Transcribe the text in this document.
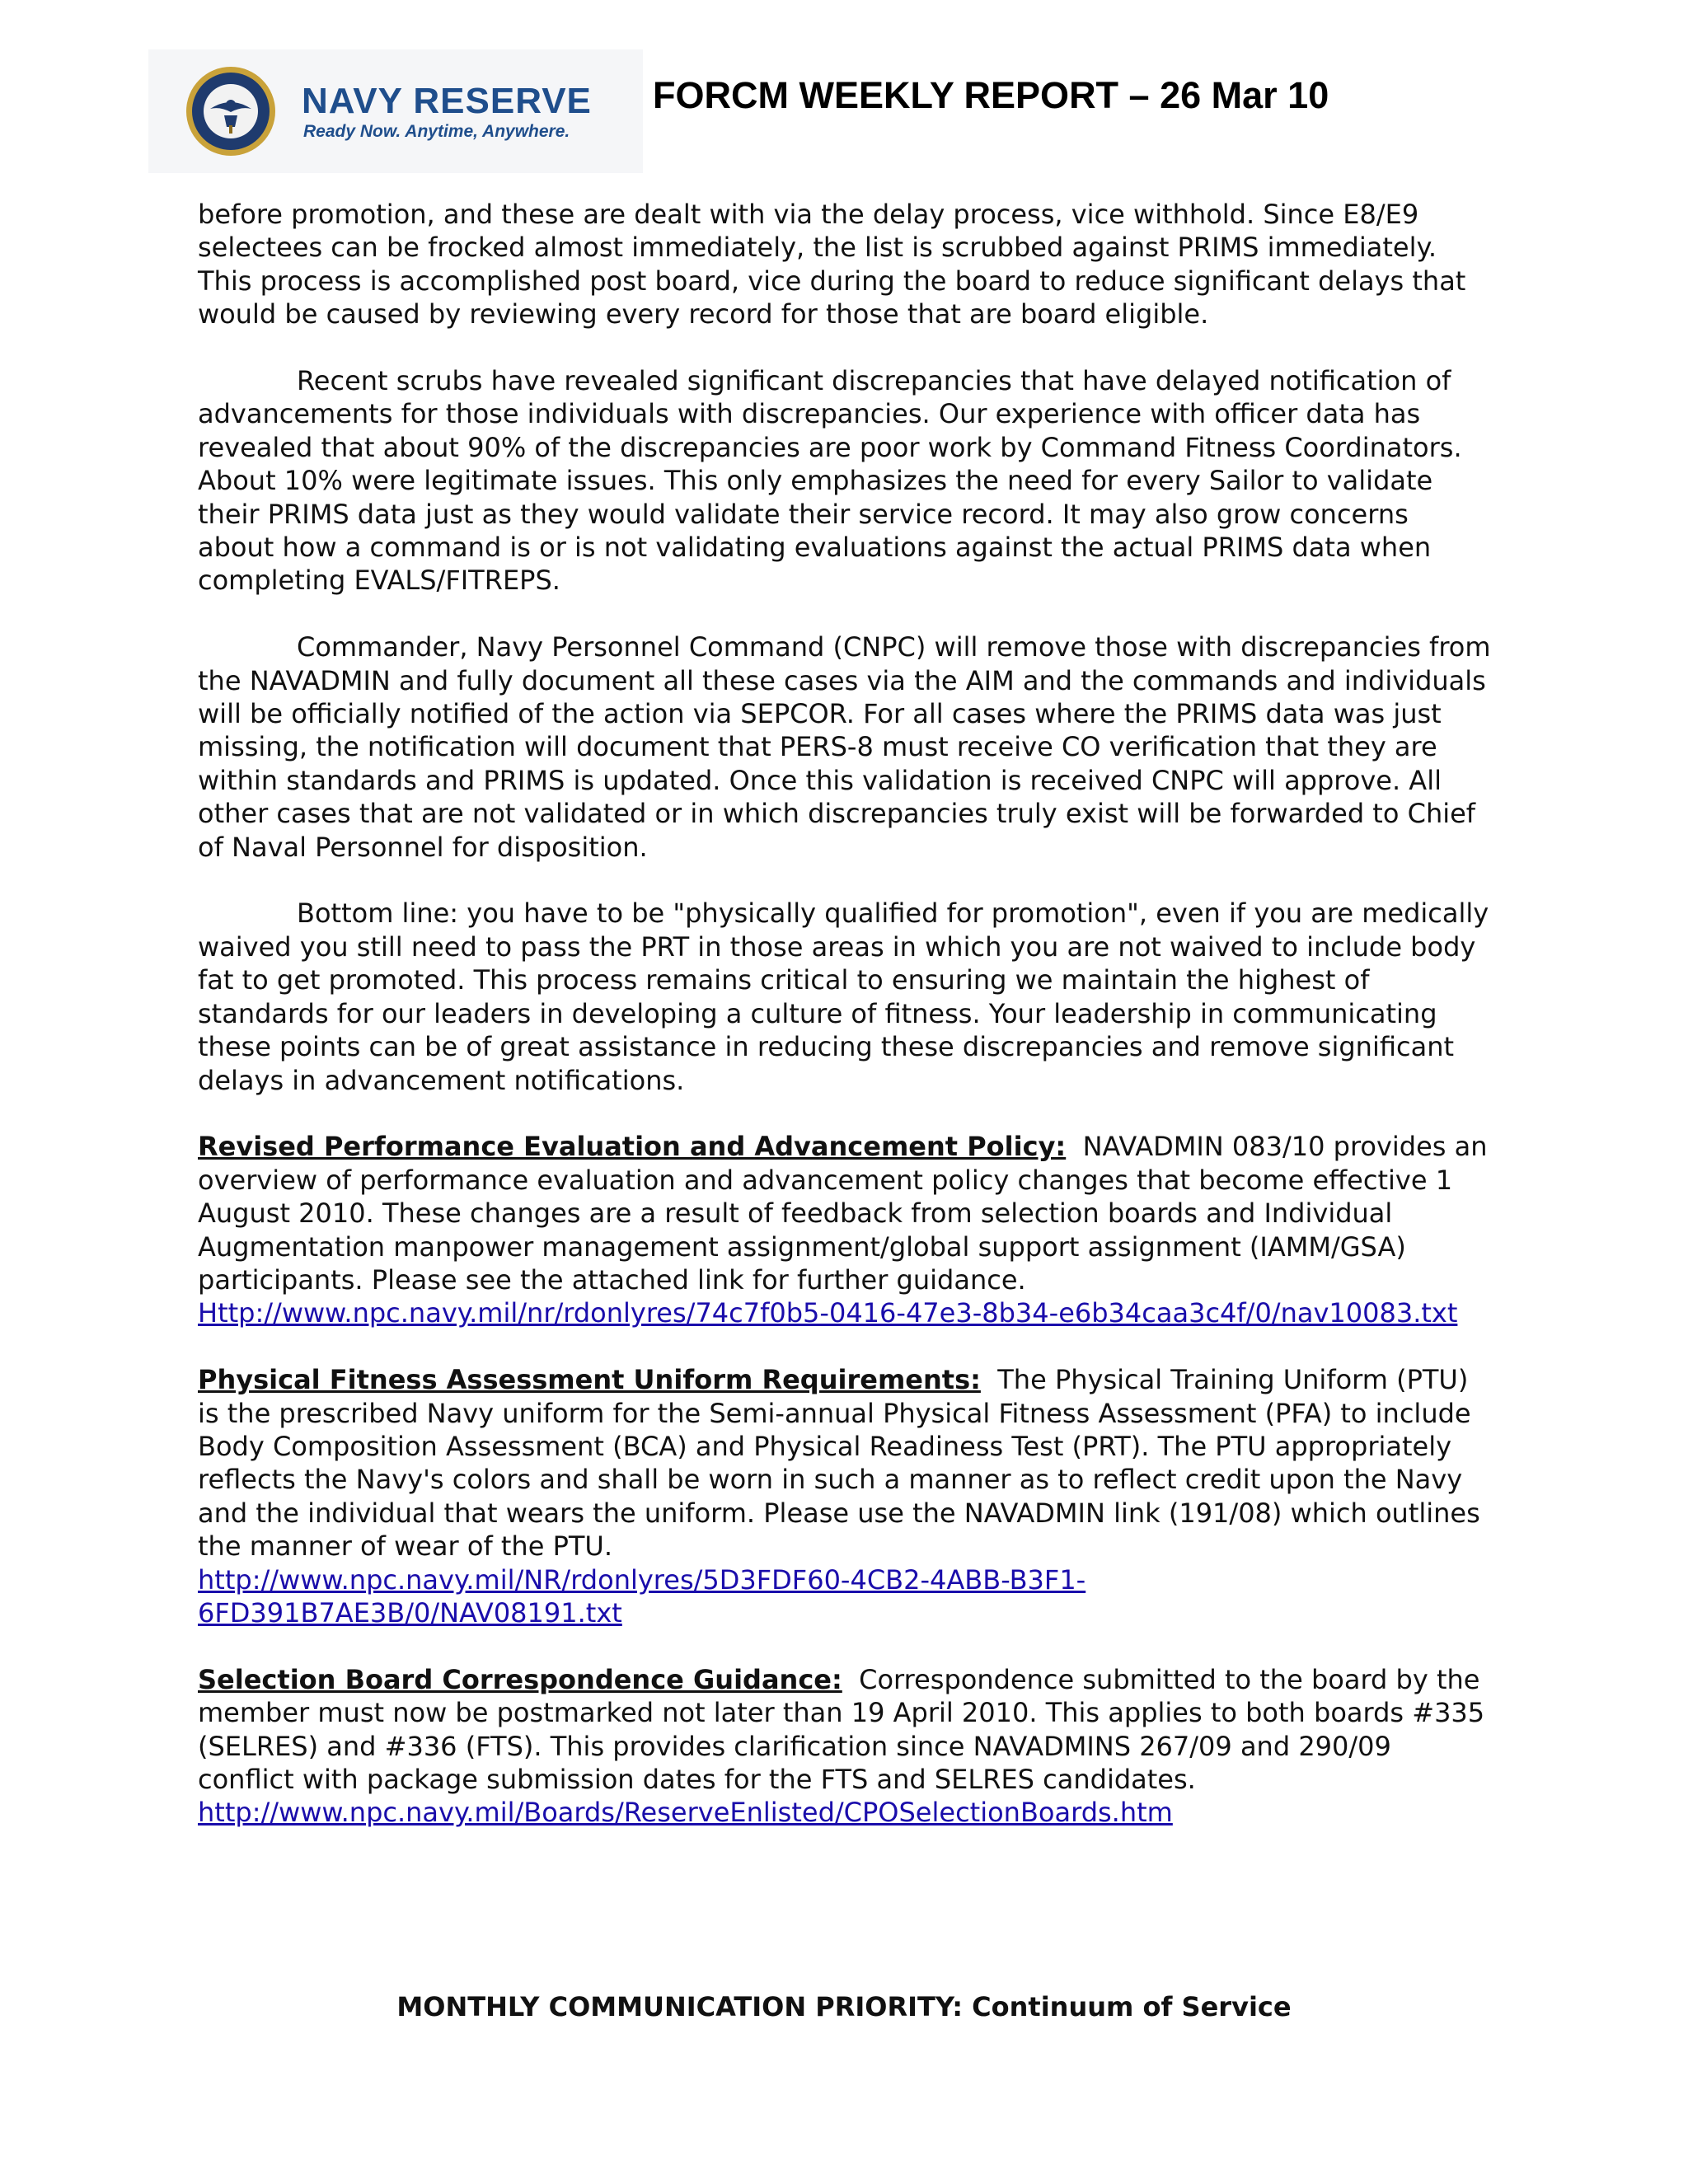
NAVY RESERVE
Ready Now. Anytime, Anywhere.
FORCM WEEKLY REPORT – 26 Mar 10

before promotion, and these are dealt with via the delay process, vice withhold. Since E8/E9 selectees can be frocked almost immediately, the list is scrubbed against PRIMS immediately. This process is accomplished post board, vice during the board to reduce significant delays that would be caused by reviewing every record for those that are board eligible.

Recent scrubs have revealed significant discrepancies that have delayed notification of advancements for those individuals with discrepancies. Our experience with officer data has revealed that about 90% of the discrepancies are poor work by Command Fitness Coordinators. About 10% were legitimate issues. This only emphasizes the need for every Sailor to validate their PRIMS data just as they would validate their service record. It may also grow concerns about how a command is or is not validating evaluations against the actual PRIMS data when completing EVALS/FITREPS.

Commander, Navy Personnel Command (CNPC) will remove those with discrepancies from the NAVADMIN and fully document all these cases via the AIM and the commands and individuals will be officially notified of the action via SEPCOR. For all cases where the PRIMS data was just missing, the notification will document that PERS-8 must receive CO verification that they are within standards and PRIMS is updated. Once this validation is received CNPC will approve. All other cases that are not validated or in which discrepancies truly exist will be forwarded to Chief of Naval Personnel for disposition.

Bottom line: you have to be "physically qualified for promotion", even if you are medically waived you still need to pass the PRT in those areas in which you are not waived to include body fat to get promoted. This process remains critical to ensuring we maintain the highest of standards for our leaders in developing a culture of fitness. Your leadership in communicating these points can be of great assistance in reducing these discrepancies and remove significant delays in advancement notifications.

Revised Performance Evaluation and Advancement Policy: NAVADMIN 083/10 provides an overview of performance evaluation and advancement policy changes that become effective 1 August 2010. These changes are a result of feedback from selection boards and Individual Augmentation manpower management assignment/global support assignment (IAMM/GSA) participants. Please see the attached link for further guidance.
Http://www.npc.navy.mil/nr/rdonlyres/74c7f0b5-0416-47e3-8b34-e6b34caa3c4f/0/nav10083.txt

Physical Fitness Assessment Uniform Requirements: The Physical Training Uniform (PTU) is the prescribed Navy uniform for the Semi-annual Physical Fitness Assessment (PFA) to include Body Composition Assessment (BCA) and Physical Readiness Test (PRT). The PTU appropriately reflects the Navy's colors and shall be worn in such a manner as to reflect credit upon the Navy and the individual that wears the uniform. Please use the NAVADMIN link (191/08) which outlines the manner of wear of the PTU.
http://www.npc.navy.mil/NR/rdonlyres/5D3FDF60-4CB2-4ABB-B3F1-6FD391B7AE3B/0/NAV08191.txt

Selection Board Correspondence Guidance: Correspondence submitted to the board by the member must now be postmarked not later than 19 April 2010. This applies to both boards #335 (SELRES) and #336 (FTS). This provides clarification since NAVADMINS 267/09 and 290/09 conflict with package submission dates for the FTS and SELRES candidates.
http://www.npc.navy.mil/Boards/ReserveEnlisted/CPOSelectionBoards.htm

MONTHLY COMMUNICATION PRIORITY: Continuum of Service
